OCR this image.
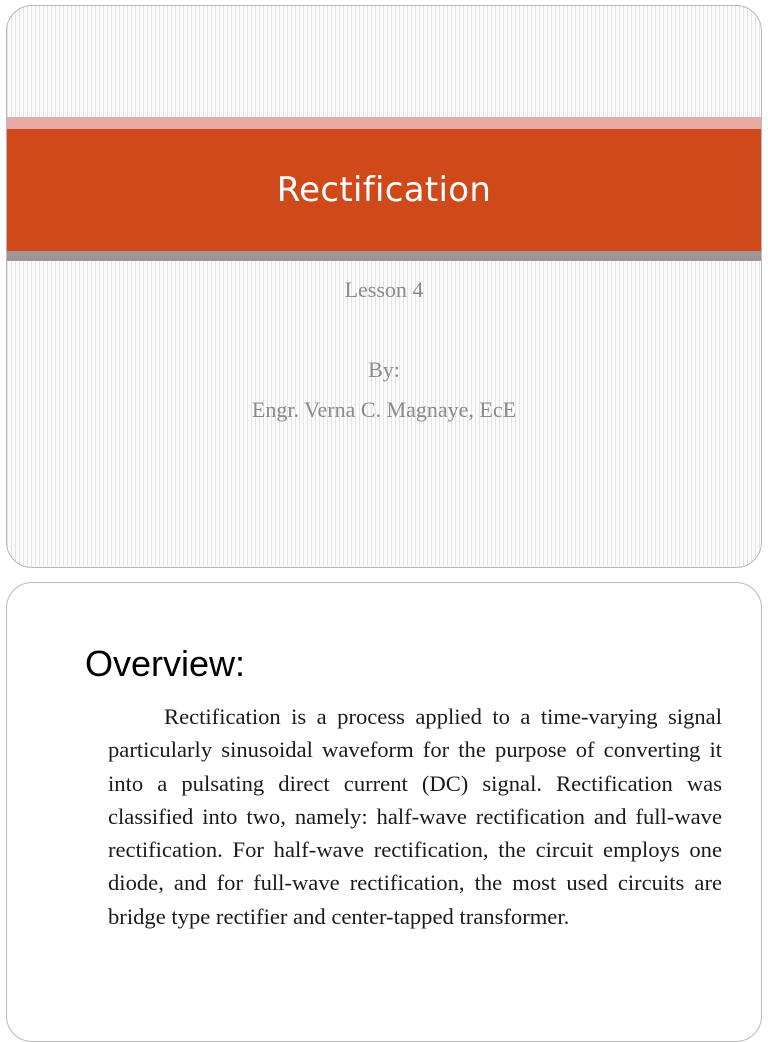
Rectification
Lesson 4
By:
Engr. Verna C. Magnaye, EcE
Overview:

Rectification is a process applied to a time-varying signal particularly sinusoidal waveform for the purpose of converting it into a pulsating direct current (DC) signal. Rectification was classified into two, namely: half-wave rectification and full-wave rectification. For half-wave rectification, the circuit employs one diode, and for full-wave rectification, the most used circuits are bridge type rectifier and center-tapped transformer.
